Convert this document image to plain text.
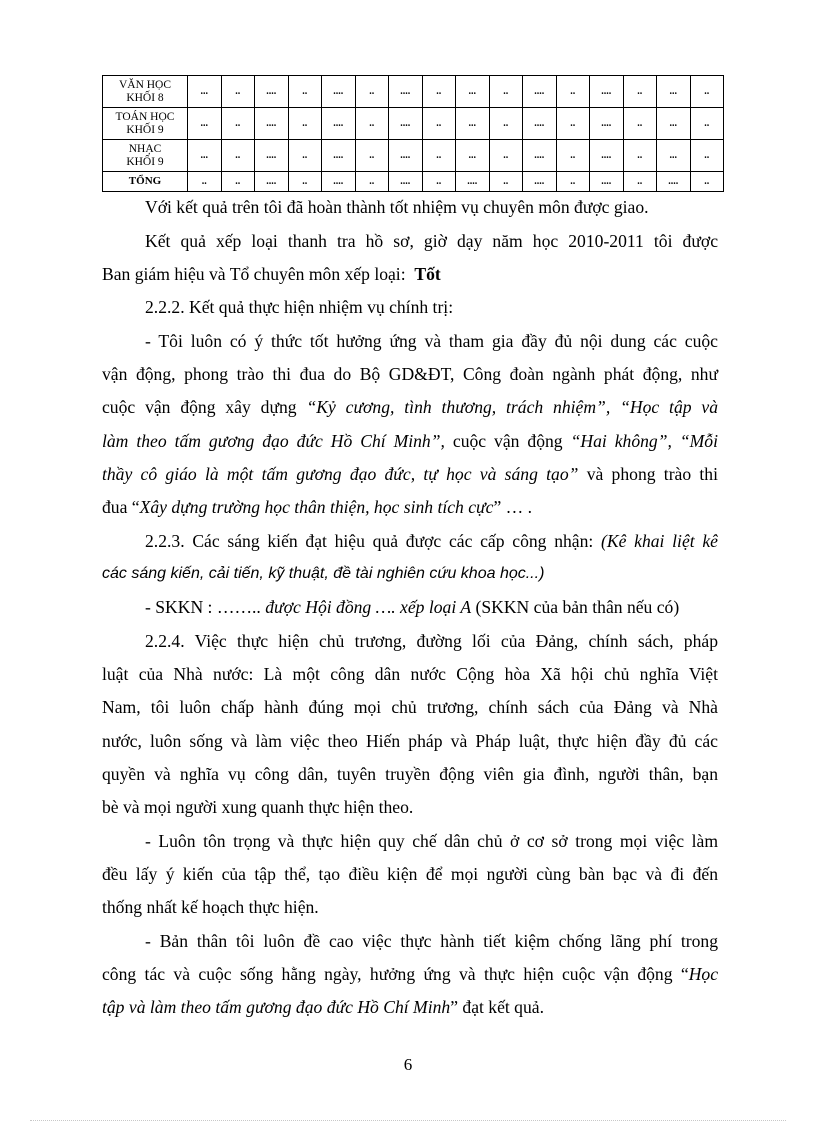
VĂN HỌC
KHỐI 8	...	..	....	..	....	..	....	..	...	..	....	..	....	..	...	..
TOÁN HỌC
KHỐI 9	...	..	....	..	....	..	....	..	...	..	....	..	....	..	...	..
NHẠC
KHỐI 9	...	..	....	..	....	..	....	..	...	..	....	..	....	..	...	..
TỔNG	..	..	....	..	....	..	....	..	....	..	....	..	....	..	....	..
Với kết quả trên tôi đã hoàn thành tốt nhiệm vụ chuyên môn được giao.
Kết quả xếp loại thanh tra hồ sơ, giờ dạy năm học 2010-2011 tôi được
Ban giám hiệu và Tổ chuyên môn xếp loại: Tốt
2.2.2. Kết quả thực hiện nhiệm vụ chính trị:
- Tôi luôn có ý thức tốt hưởng ứng và tham gia đầy đủ nội dung các cuộc
vận động, phong trào thi đua do Bộ GD&ĐT, Công đoàn ngành phát động, như
cuộc vận động xây dựng “Kỷ cương, tình thương, trách nhiệm”, “Học tập và
làm theo tấm gương đạo đức Hồ Chí Minh”, cuộc vận động “Hai không”, “Mỗi
thầy cô giáo là một tấm gương đạo đức, tự học và sáng tạo” và phong trào thi
đua “Xây dựng trường học thân thiện, học sinh tích cực” … .
2.2.3. Các sáng kiến đạt hiệu quả được các cấp công nhận: (Kê khai liệt kê
các sáng kiến, cải tiến, kỹ thuật, đề tài nghiên cứu khoa học...)
- SKKN : …….. được Hội đồng …. xếp loại A (SKKN của bản thân nếu có)
2.2.4. Việc thực hiện chủ trương, đường lối của Đảng, chính sách, pháp
luật của Nhà nước: Là một công dân nước Cộng hòa Xã hội chủ nghĩa Việt
Nam, tôi luôn chấp hành đúng mọi chủ trương, chính sách của Đảng và Nhà
nước, luôn sống và làm việc theo Hiến pháp và Pháp luật, thực hiện đầy đủ các
quyền và nghĩa vụ công dân, tuyên truyền động viên gia đình, người thân, bạn
bè và mọi người xung quanh thực hiện theo.
- Luôn tôn trọng và thực hiện quy chế dân chủ ở cơ sở trong mọi việc làm
đều lấy ý kiến của tập thể, tạo điều kiện để mọi người cùng bàn bạc và đi đến
thống nhất kế hoạch thực hiện.
- Bản thân tôi luôn đề cao việc thực hành tiết kiệm chống lãng phí trong
công tác và cuộc sống hằng ngày, hưởng ứng và thực hiện cuộc vận động “Học
tập và làm theo tấm gương đạo đức Hồ Chí Minh” đạt kết quả.
6
